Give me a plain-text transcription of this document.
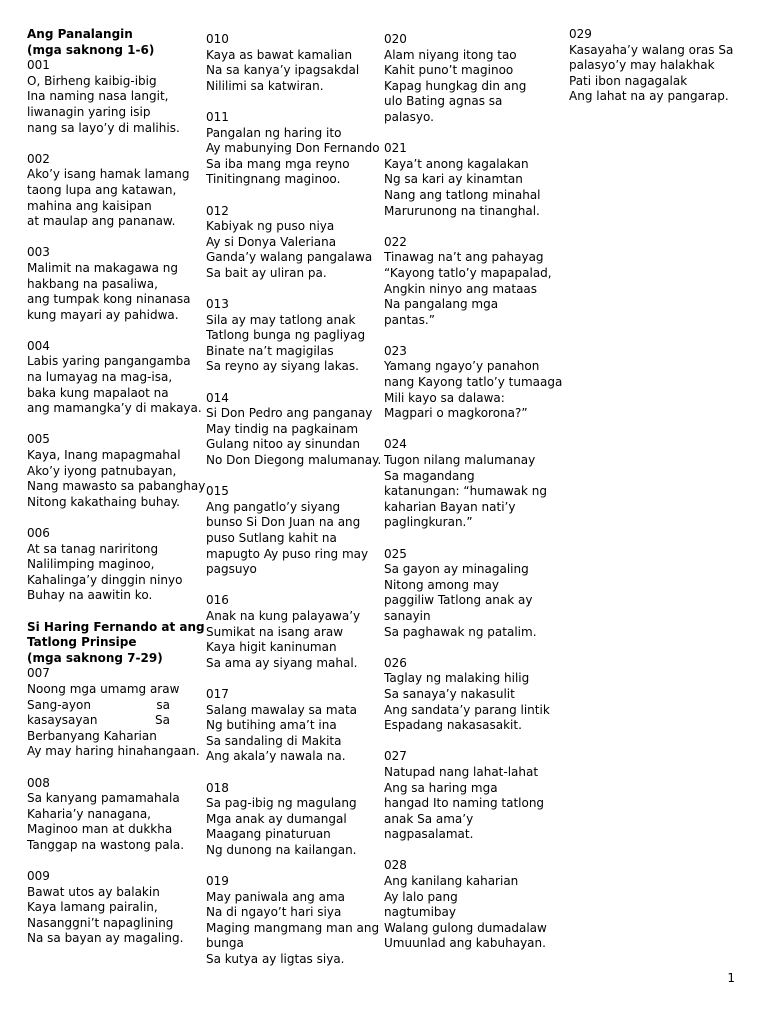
Ang Panalangin
(mga saknong 1-6)
001
O, Birheng kaibig-ibig
Ina naming nasa langit,
liwanagin yaring isip
nang sa layo’y di malihis.
002
Ako’y isang hamak lamang
taong lupa ang katawan,
mahina ang kaisipan
at maulap ang pananaw.
003
Malimit na makagawa ng
hakbang na pasaliwa,
ang tumpak kong ninanasa
kung mayari ay pahidwa.
004
Labis yaring pangangamba
na lumayag na mag-isa,
baka kung mapalaot na
ang mamangka’y di makaya.
005
Kaya, Inang mapagmahal
Ako’y iyong patnubayan,
Nang mawasto sa pabanghay
Nitong kakathaing buhay.
006
At sa tanag nariritong
Nalilimping maginoo,
Kahalinga’y dinggin ninyo
Buhay na aawitin ko.
Si Haring Fernando at ang
Tatlong Prinsipe
(mga saknong 7-29)
007
Noong mga umamg araw
Sang-ayon	sa
kasaysayan	Sa
Berbanyang Kaharian
Ay may haring hinahangaan.
008
Sa kanyang pamamahala
Kaharia’y nanagana,
Maginoo man at dukkha
Tanggap na wastong pala.
009
Bawat utos ay balakin
Kaya lamang pairalin,
Nasanggni’t napaglining
Na sa bayan ay magaling.
010
Kaya as bawat kamalian
Na sa kanya’y ipagsakdal
Nililimi sa katwiran.
011
Pangalan ng haring ito
Ay mabunying Don Fernando
Sa iba mang mga reyno
Tinitingnang maginoo.
012
Kabiyak ng puso niya
Ay si Donya Valeriana
Ganda’y walang pangalawa
Sa bait ay uliran pa.
013
Sila ay may tatlong anak
Tatlong bunga ng pagliyag
Binate na’t magigilas
Sa reyno ay siyang lakas.
014
Si Don Pedro ang panganay
May tindig na pagkainam
Gulang nitoo ay sinundan
No Don Diegong malumanay.
015
Ang pangatlo’y siyang
bunso Si Don Juan na ang
puso Sutlang kahit na
mapugto Ay puso ring may
pagsuyo
016
Anak na kung palayawa’y
Sumikat na isang araw
Kaya higit kaninuman
Sa ama ay siyang mahal.
017
Salang mawalay sa mata
Ng butihing ama’t ina
Sa sandaling di Makita
Ang akala’y nawala na.
018
Sa pag-ibig ng magulang
Mga anak ay dumangal
Maagang pinaturuan
Ng dunong na kailangan.
019
May paniwala ang ama
Na di ngayo’t hari siya
Maging mangmang man ang
bunga
Sa kutya ay ligtas siya.
020
Alam niyang itong tao
Kahit puno’t maginoo
Kapag hungkag din ang
ulo Bating agnas sa
palasyo.
021
Kaya’t anong kagalakan
Ng sa kari ay kinamtan
Nang ang tatlong minahal
Marurunong na tinanghal.
022
Tinawag na’t ang pahayag
“Kayong tatlo’y mapapalad,
Angkin ninyo ang mataas
Na pangalang mga
pantas.”
023
Yamang ngayo’y panahon
nang Kayong tatlo’y tumaaga
Mili kayo sa dalawa:
Magpari o magkorona?”
024
Tugon nilang malumanay
Sa magandang
katanungan: “humawak ng
kaharian Bayan nati’y
paglingkuran.”
025
Sa gayon ay minagaling
Nitong among may
paggiliw Tatlong anak ay
sanayin
Sa paghawak ng patalim.
026
Taglay ng malaking hilig
Sa sanaya’y nakasulit
Ang sandata’y parang lintik
Espadang nakasasakit.
027
Natupad nang lahat-lahat
Ang sa haring mga
hangad Ito naming tatlong
anak Sa ama’y
nagpasalamat.
028
Ang kanilang kaharian
Ay lalo pang
nagtumibay
Walang gulong dumadalaw
Umuunlad ang kabuhayan.
029
Kasayaha’y walang oras Sa
palasyo’y may halakhak
Pati ibon nagagalak
Ang lahat na ay pangarap.
1
